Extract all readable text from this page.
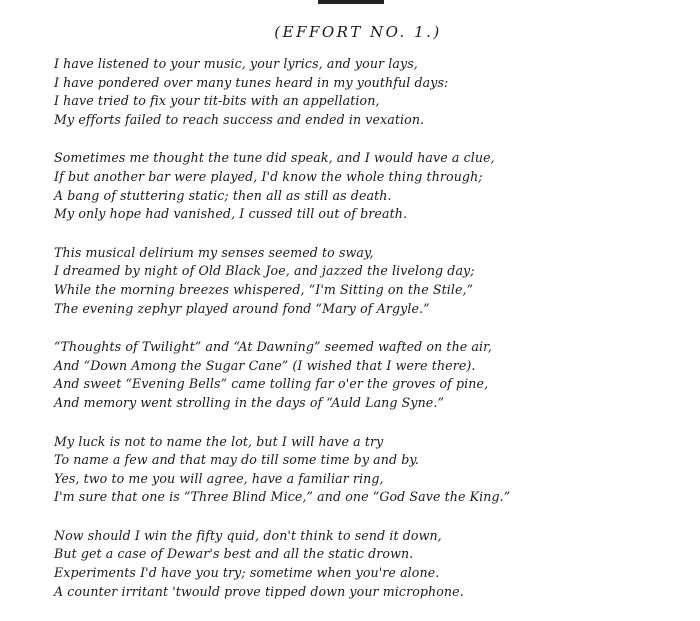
(EFFORT NO. 1.)
I have listened to your music, your lyrics, and your lays,
I have pondered over many tunes heard in my youthful days:
I have tried to fix your tit-bits with an appellation,
My efforts failed to reach success and ended in vexation.
Sometimes me thought the tune did speak, and I would have a clue,
If but another bar were played, I'd know the whole thing through;
A bang of stuttering static; then all as still as death.
My only hope had vanished, I cussed till out of breath.
This musical delirium my senses seemed to sway,
I dreamed by night of Old Black Joe, and jazzed the livelong day;
While the morning breezes whispered, “I'm Sitting on the Stile,”
The evening zephyr played around fond “Mary of Argyle.”
“Thoughts of Twilight” and “At Dawning” seemed wafted on the air,
And “Down Among the Sugar Cane” (I wished that I were there).
And sweet “Evening Bells” came tolling far o'er the groves of pine,
And memory went strolling in the days of “Auld Lang Syne.”
My luck is not to name the lot, but I will have a try
To name a few and that may do till some time by and by.
Yes, two to me you will agree, have a familiar ring,
I'm sure that one is “Three Blind Mice,” and one “God Save the King.”
Now should I win the fifty quid, don't think to send it down,
But get a case of Dewar's best and all the static drown.
Experiments I'd have you try; sometime when you're alone.
A counter irritant 'twould prove tipped down your microphone.
